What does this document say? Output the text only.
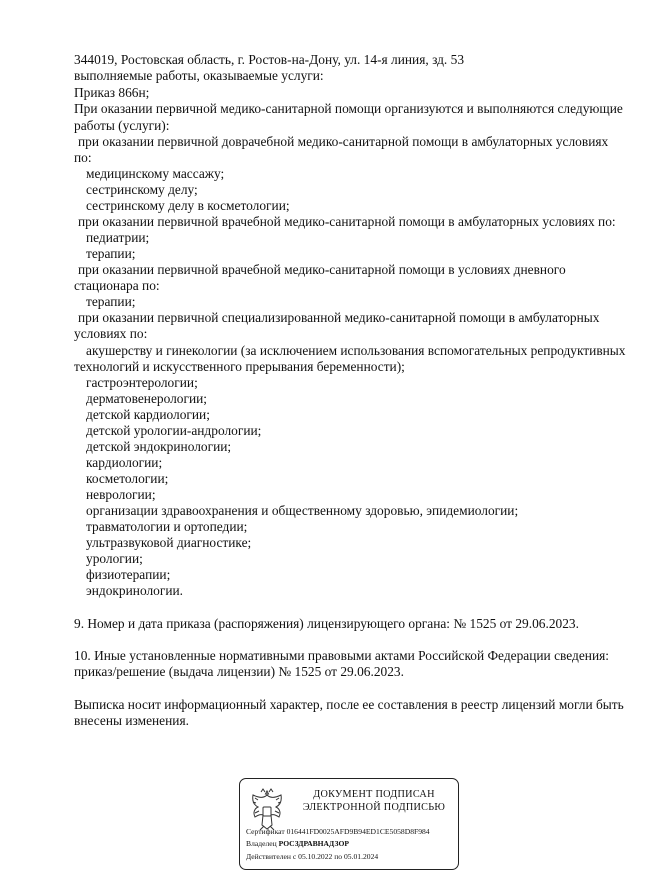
344019, Ростовская область, г. Ростов-на-Дону, ул. 14-я линия, зд. 53
выполняемые работы, оказываемые услуги:
Приказ 866н;
При оказании первичной медико-санитарной помощи организуются и выполняются следующие
работы (услуги):
при оказании первичной доврачебной медико-санитарной помощи в амбулаторных условиях
по:
медицинскому массажу;
сестринскому делу;
сестринскому делу в косметологии;
при оказании первичной врачебной медико-санитарной помощи в амбулаторных условиях по:
педиатрии;
терапии;
при оказании первичной врачебной медико-санитарной помощи в условиях дневного
стационара по:
терапии;
при оказании первичной специализированной медико-санитарной помощи в амбулаторных
условиях по:
акушерству и гинекологии (за исключением использования вспомогательных репродуктивных
технологий и искусственного прерывания беременности);
гастроэнтерологии;
дерматовенерологии;
детской кардиологии;
детской урологии-андрологии;
детской эндокринологии;
кардиологии;
косметологии;
неврологии;
организации здравоохранения и общественному здоровью, эпидемиологии;
травматологии и ортопедии;
ультразвуковой диагностике;
урологии;
физиотерапии;
эндокринологии.
9. Номер и дата приказа (распоряжения) лицензирующего органа: № 1525 от 29.06.2023.
10. Иные установленные нормативными правовыми актами Российской Федерации сведения:
приказ/решение (выдача лицензии) № 1525 от 29.06.2023.
Выписка носит информационный характер, после ее составления в реестр лицензий могли быть
внесены изменения.
ДОКУМЕНТ ПОДПИСАН
ЭЛЕКТРОННОЙ ПОДПИСЬЮ
Сертификат 016441FD0025AFD9B94ED1CE5058D8F984
Владелец РОСЗДРАВНАДЗОР
Действителен с 05.10.2022 по 05.01.2024
